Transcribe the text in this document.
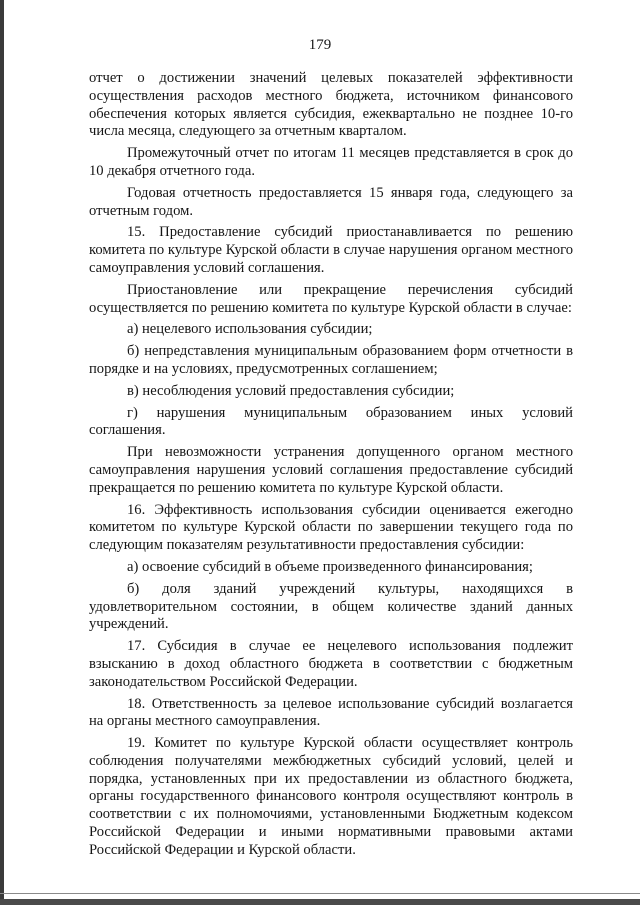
179

отчет о достижении значений целевых показателей эффективности осуществления расходов местного бюджета, источником финансового обеспечения которых является субсидия, ежеквартально не позднее 10-го числа месяца, следующего за отчетным кварталом.

Промежуточный отчет по итогам 11 месяцев представляется в срок до 10 декабря отчетного года.

Годовая отчетность предоставляется 15 января года, следующего за отчетным годом.

15. Предоставление субсидий приостанавливается по решению комитета по культуре Курской области в случае нарушения органом местного самоуправления условий соглашения.

Приостановление или прекращение перечисления субсидий осуществляется по решению комитета по культуре Курской области в случае:

а) нецелевого использования субсидии;

б) непредставления муниципальным образованием форм отчетности в порядке и на условиях, предусмотренных соглашением;

в) несоблюдения условий предоставления субсидии;

г) нарушения муниципальным образованием иных условий соглашения.

При невозможности устранения допущенного органом местного самоуправления нарушения условий соглашения предоставление субсидий прекращается по решению комитета по культуре Курской области.

16. Эффективность использования субсидии оценивается ежегодно комитетом по культуре Курской области по завершении текущего года по следующим показателям результативности предоставления субсидии:

а) освоение субсидий в объеме произведенного финансирования;

б) доля зданий учреждений культуры, находящихся в удовлетворительном состоянии, в общем количестве зданий данных учреждений.

17. Субсидия в случае ее нецелевого использования подлежит взысканию в доход областного бюджета в соответствии с бюджетным законодательством Российской Федерации.

18. Ответственность за целевое использование субсидий возлагается на органы местного самоуправления.

19. Комитет по культуре Курской области осуществляет контроль соблюдения получателями межбюджетных субсидий условий, целей и порядка, установленных при их предоставлении из областного бюджета, органы государственного финансового контроля осуществляют контроль в соответствии с их полномочиями, установленными Бюджетным кодексом Российской Федерации и иными нормативными правовыми актами Российской Федерации и Курской области.
